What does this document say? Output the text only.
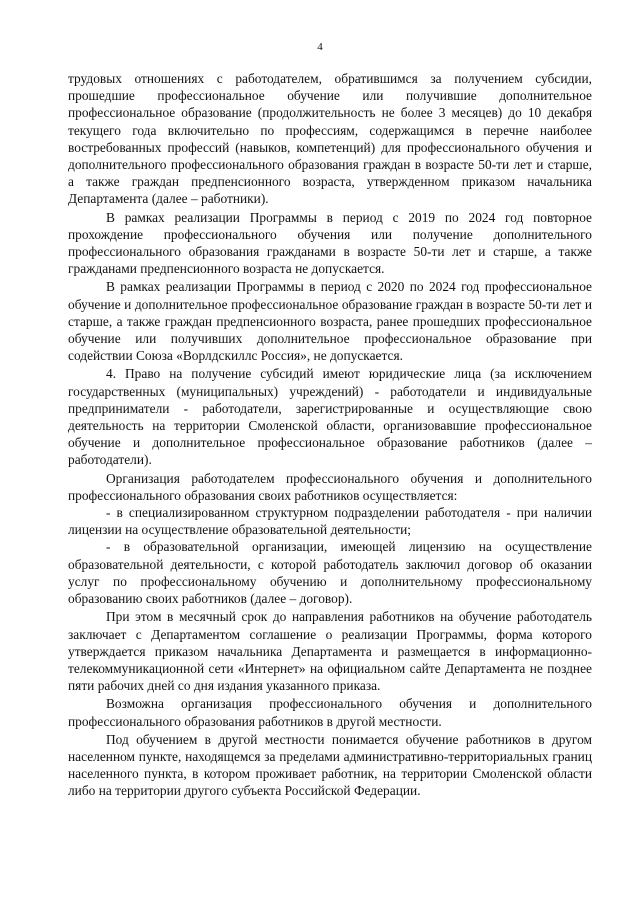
4

трудовых отношениях с работодателем, обратившимся за получением субсидии, прошедшие профессиональное обучение или получившие дополнительное профессиональное образование (продолжительность не более 3 месяцев) до 10 декабря текущего года включительно по профессиям, содержащимся в перечне наиболее востребованных профессий (навыков, компетенций) для профессионального обучения и дополнительного профессионального образования граждан в возрасте 50-ти лет и старше, а также граждан предпенсионного возраста, утвержденном приказом начальника Департамента (далее – работники).

В рамках реализации Программы в период с 2019 по 2024 год повторное прохождение профессионального обучения или получение дополнительного профессионального образования гражданами в возрасте 50-ти лет и старше, а также гражданами предпенсионного возраста не допускается.

В рамках реализации Программы в период с 2020 по 2024 год профессиональное обучение и дополнительное профессиональное образование граждан в возрасте 50-ти лет и старше, а также граждан предпенсионного возраста, ранее прошедших профессиональное обучение или получивших дополнительное профессиональное образование при содействии Союза «Ворлдскиллс Россия», не допускается.

4. Право на получение субсидий имеют юридические лица (за исключением государственных (муниципальных) учреждений) - работодатели и индивидуальные предприниматели - работодатели, зарегистрированные и осуществляющие свою деятельность на территории Смоленской области, организовавшие профессиональное обучение и дополнительное профессиональное образование работников (далее – работодатели).

Организация работодателем профессионального обучения и дополнительного профессионального образования своих работников осуществляется:

- в специализированном структурном подразделении работодателя - при наличии лицензии на осуществление образовательной деятельности;

- в образовательной организации, имеющей лицензию на осуществление образовательной деятельности, с которой работодатель заключил договор об оказании услуг по профессиональному обучению и дополнительному профессиональному образованию своих работников (далее – договор).

При этом в месячный срок до направления работников на обучение работодатель заключает с Департаментом соглашение о реализации Программы, форма которого утверждается приказом начальника Департамента и размещается в информационно-телекоммуникационной сети «Интернет» на официальном сайте Департамента не позднее пяти рабочих дней со дня издания указанного приказа.

Возможна организация профессионального обучения и дополнительного профессионального образования работников в другой местности.

Под обучением в другой местности понимается обучение работников в другом населенном пункте, находящемся за пределами административно-территориальных границ населенного пункта, в котором проживает работник, на территории Смоленской области либо на территории другого субъекта Российской Федерации.
